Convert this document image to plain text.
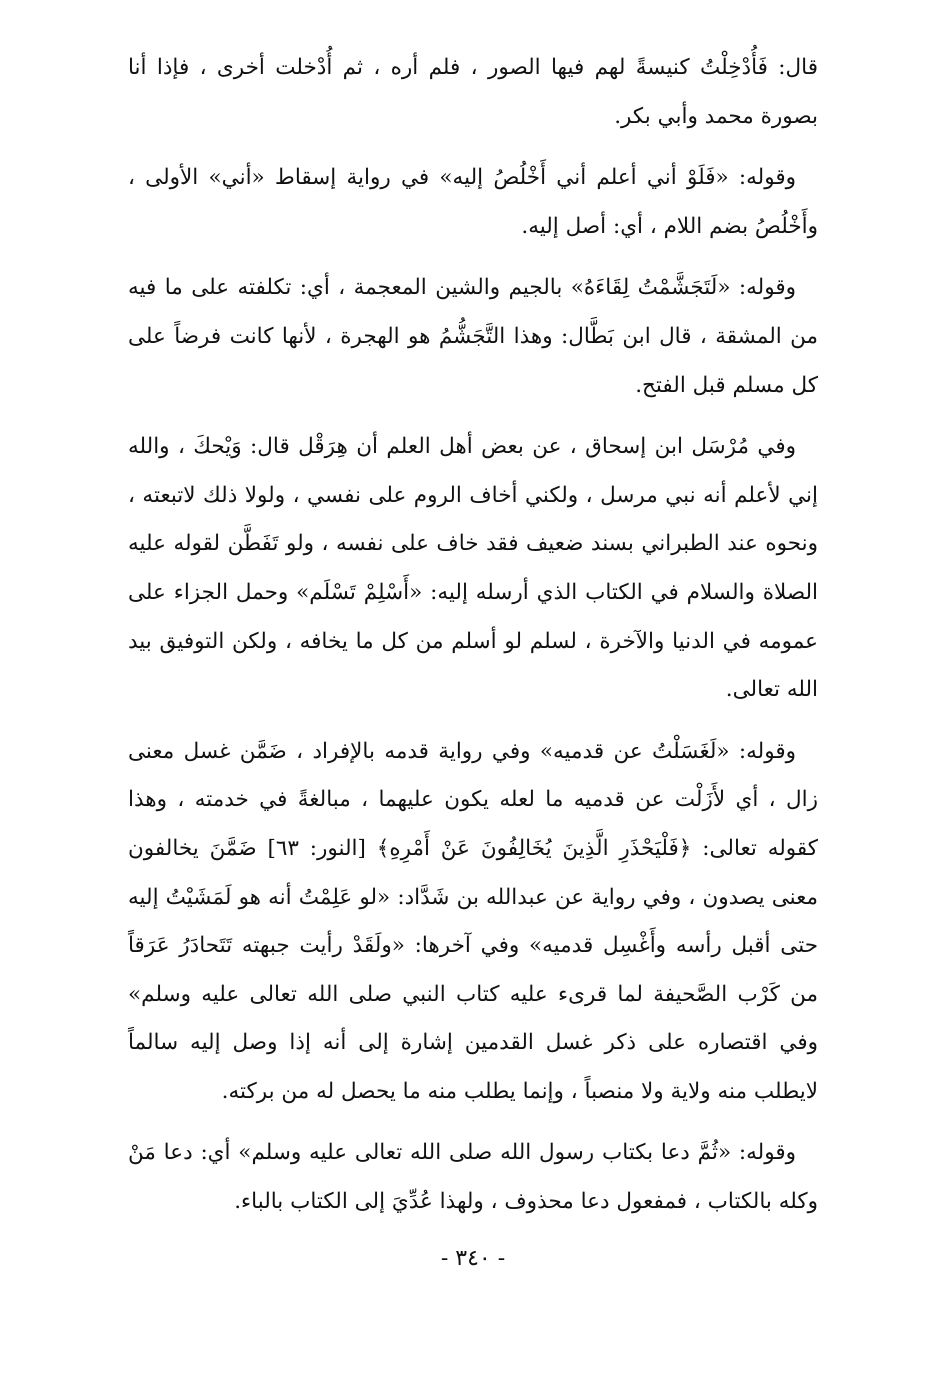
قال: فَأُدْخِلْتُ كنيسةً لهم فيها الصور ، فلم أره ، ثم أُدْخلت أخرى ، فإذا أنا بصورة محمد وأبي بكر.

وقوله: «فَلَوْ أني أعلم أني أَخْلُصُ إليه» في رواية إسقاط «أني» الأولى ، وأَخْلُصُ بضم اللام ، أي: أصل إليه.

وقوله: «لَتَجَشَّمْتُ لِقَاءَهُ» بالجيم والشين المعجمة ، أي: تكلفته على ما فيه من المشقة ، قال ابن بَطَّال: وهذا التَّجَشُّمُ هو الهجرة ، لأنها كانت فرضاً على كل مسلم قبل الفتح.

وفي مُرْسَل ابن إسحاق ، عن بعض أهل العلم أن هِرَقْل قال: وَيْحكَ ، والله إني لأعلم أنه نبي مرسل ، ولكني أخاف الروم على نفسي ، ولولا ذلك لاتبعته ، ونحوه عند الطبراني بسند ضعيف فقد خاف على نفسه ، ولو تَفَطَّن لقوله عليه الصلاة والسلام في الكتاب الذي أرسله إليه: «أَسْلِمْ تَسْلَم» وحمل الجزاء على عمومه في الدنيا والآخرة ، لسلم لو أسلم من كل ما يخافه ، ولكن التوفيق بيد الله تعالى.

وقوله: «لَغَسَلْتُ عن قدميه» وفي رواية قدمه بالإفراد ، ضَمَّن غسل معنى زال ، أي لأَزَلْت عن قدميه ما لعله يكون عليهما ، مبالغةً في خدمته ، وهذا كقوله تعالى: ﴿فَلْيَحْذَرِ الَّذِينَ يُخَالِفُونَ عَنْ أَمْرِهِ﴾ [النور: ٦٣] ضَمَّنَ يخالفون معنى يصدون ، وفي رواية عن عبدالله بن شَدَّاد: «لو عَلِمْتُ أنه هو لَمَشَيْتُ إليه حتى أقبل رأسه وأَغْسِل قدميه» وفي آخرها: «ولَقَدْ رأيت جبهته تَتَحادَرُ عَرَقاً من كَرْب الصَّحيفة لما قرىء عليه كتاب النبي صلى الله تعالى عليه وسلم» وفي اقتصاره على ذكر غسل القدمين إشارة إلى أنه إذا وصل إليه سالماً لايطلب منه ولاية ولا منصباً ، وإنما يطلب منه ما يحصل له من بركته.

وقوله: «ثُمَّ دعا بكتاب رسول الله صلى الله تعالى عليه وسلم» أي: دعا مَنْ وكله بالكتاب ، فمفعول دعا محذوف ، ولهذا عُدِّيَ إلى الكتاب بالباء.

- ٣٤٠ -
